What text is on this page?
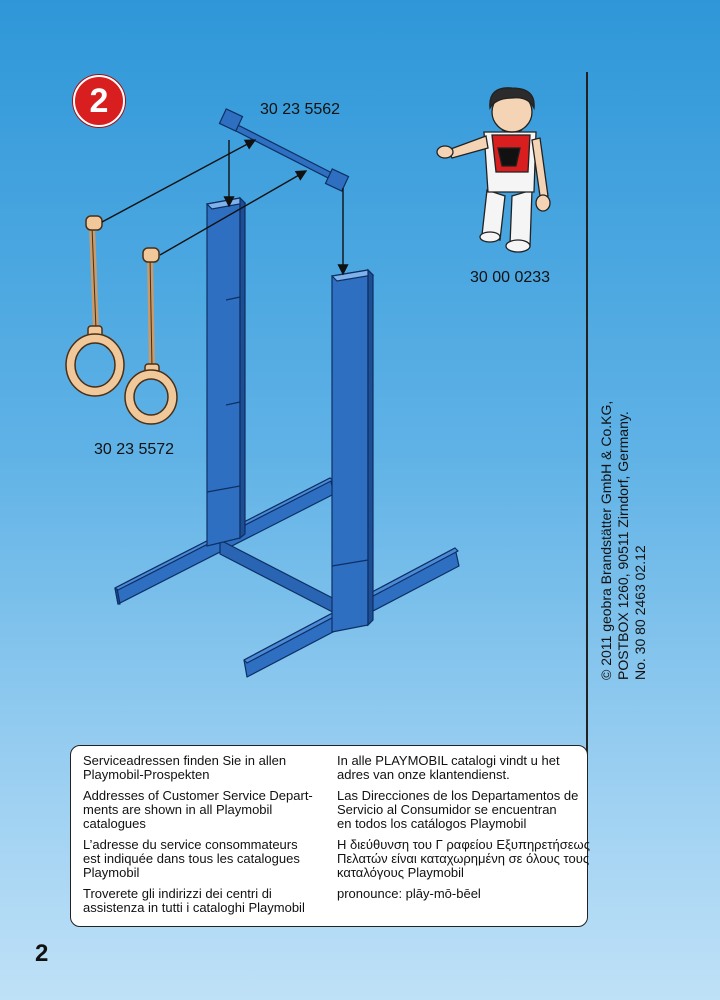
2	30 23 5562
30 23 5572
30 00 0233
© 2011 geobra Brandstätter GmbH & Co.KG, POSTBOX 1260, 90511 Zirndorf, Germany. No. 30 80 2463 02.12
Serviceadressen finden Sie in allen
Playmobil-Prospekten
Addresses of Customer Service Depart-
ments are shown in all Playmobil
catalogues
L’adresse du service consommateurs
est indiquée dans tous les catalogues
Playmobil
Troverete gli indirizzi dei centri di
assistenza in tutti i cataloghi Playmobil
In alle PLAYMOBIL catalogi vindt u het
adres van onze klantendienst.
Las Direcciones de los Departamentos de
Servicio al Consumidor se encuentran
en todos los catálogos Playmobil
Η διεύθυνση του Γ ραφείου Εξυπηρετήσεως
Πελατών είναι καταχωρημένη σε όλους τους
καταλόγους Playmobil
pronounce: plāy-mō-bēel
2
